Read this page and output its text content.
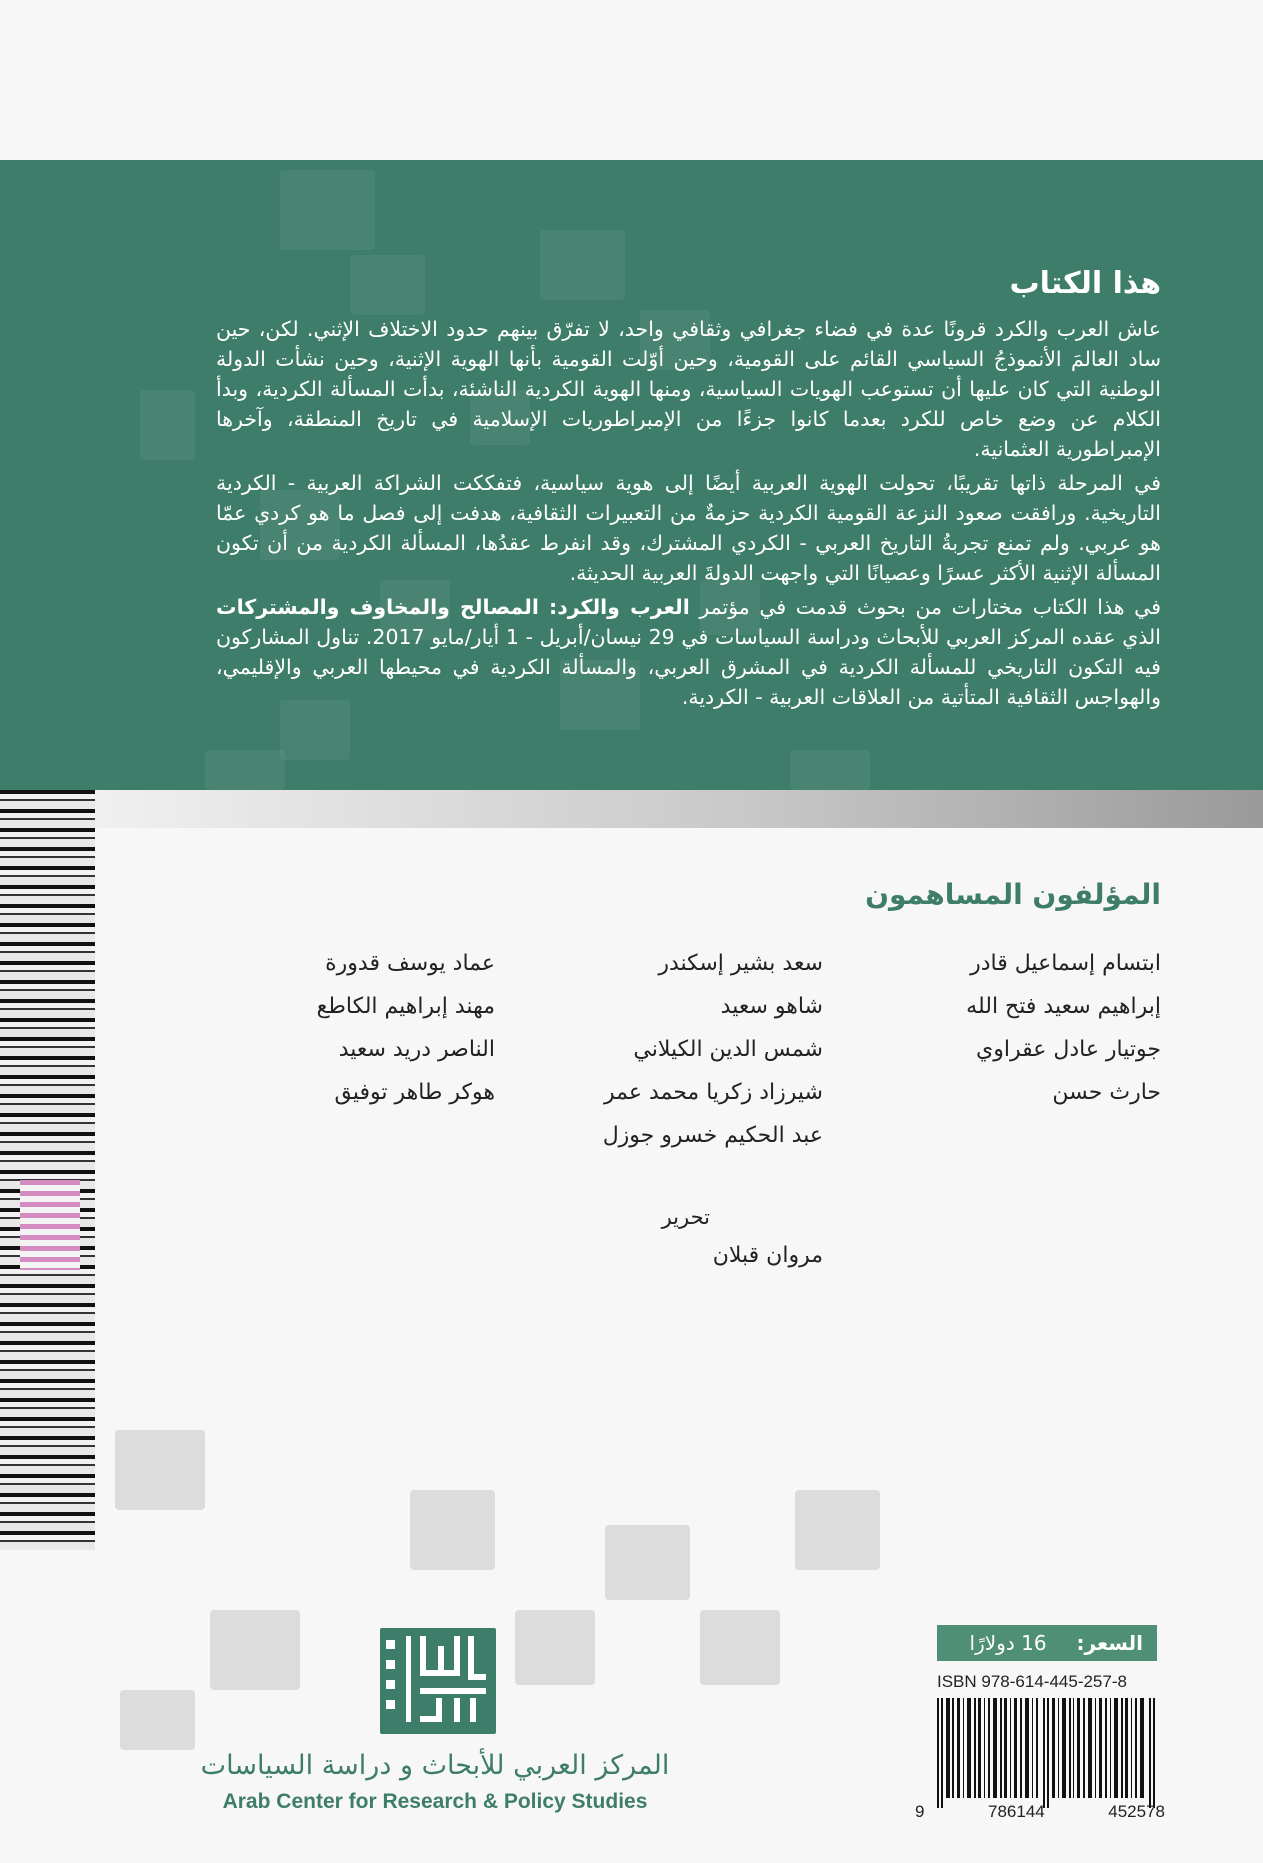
هذا الكتاب

عاش العرب والكرد قرونًا عدة في فضاء جغرافي وثقافي واحد، لا تفرّق بينهم حدود الاختلاف الإثني. لكن، حين ساد العالمَ الأنموذجُ السياسي القائم على القومية، وحين أوّلت القومية بأنها الهوية الإثنية، وحين نشأت الدولة الوطنية التي كان عليها أن تستوعب الهويات السياسية، ومنها الهوية الكردية الناشئة، بدأت المسألة الكردية، وبدأ الكلام عن وضع خاص للكرد بعدما كانوا جزءًا من الإمبراطوريات الإسلامية في تاريخ المنطقة، وآخرها الإمبراطورية العثمانية.

في المرحلة ذاتها تقريبًا، تحولت الهوية العربية أيضًا إلى هوية سياسية، فتفككت الشراكة العربية - الكردية التاريخية. ورافقت صعود النزعة القومية الكردية حزمةٌ من التعبيرات الثقافية، هدفت إلى فصل ما هو كردي عمّا هو عربي. ولم تمنع تجربةُ التاريخ العربي - الكردي المشترك، وقد انفرط عقدُها، المسألة الكردية من أن تكون المسألة الإثنية الأكثر عسرًا وعصيانًا التي واجهت الدولةَ العربية الحديثة.

في هذا الكتاب مختارات من بحوث قدمت في مؤتمر العرب والكرد: المصالح والمخاوف والمشتركات الذي عقده المركز العربي للأبحاث ودراسة السياسات في 29 نيسان/أبريل - 1 أيار/مايو 2017. تناول المشاركون فيه التكون التاريخي للمسألة الكردية في المشرق العربي، والمسألة الكردية في محيطها العربي والإقليمي، والهواجس الثقافية المتأتية من العلاقات العربية - الكردية.

المؤلفون المساهمون
ابتسام إسماعيل قادر
إبراهيم سعيد فتح الله
جوتيار عادل عقراوي
حارث حسن
سعد بشير إسكندر
شاهو سعيد
شمس الدين الكيلاني
شيرزاد زكريا محمد عمر
عبد الحكيم خسرو جوزل
عماد يوسف قدورة
مهند إبراهيم الكاطع
الناصر دريد سعيد
هوكر طاهر توفيق
تحرير
مروان قبلان
السعر:
16 دولارًا
ISBN 978-614-445-257-8
9	786144	452578
المركز العربي للأبحاث و دراسة السياسات
Arab Center for Research & Policy Studies
